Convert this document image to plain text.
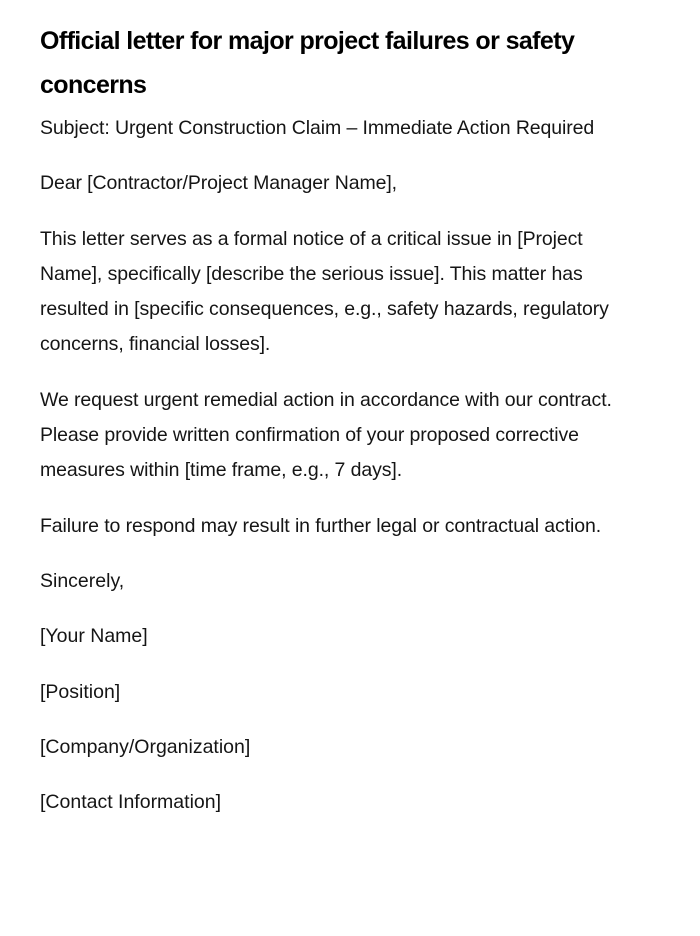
Official letter for major project failures or safety concerns

Subject: Urgent Construction Claim – Immediate Action Required

Dear [Contractor/Project Manager Name],

This letter serves as a formal notice of a critical issue in [Project Name], specifically [describe the serious issue]. This matter has resulted in [specific consequences, e.g., safety hazards, regulatory concerns, financial losses].

We request urgent remedial action in accordance with our contract. Please provide written confirmation of your proposed corrective measures within [time frame, e.g., 7 days].

Failure to respond may result in further legal or contractual action.

Sincerely,

[Your Name]

[Position]

[Company/Organization]

[Contact Information]
